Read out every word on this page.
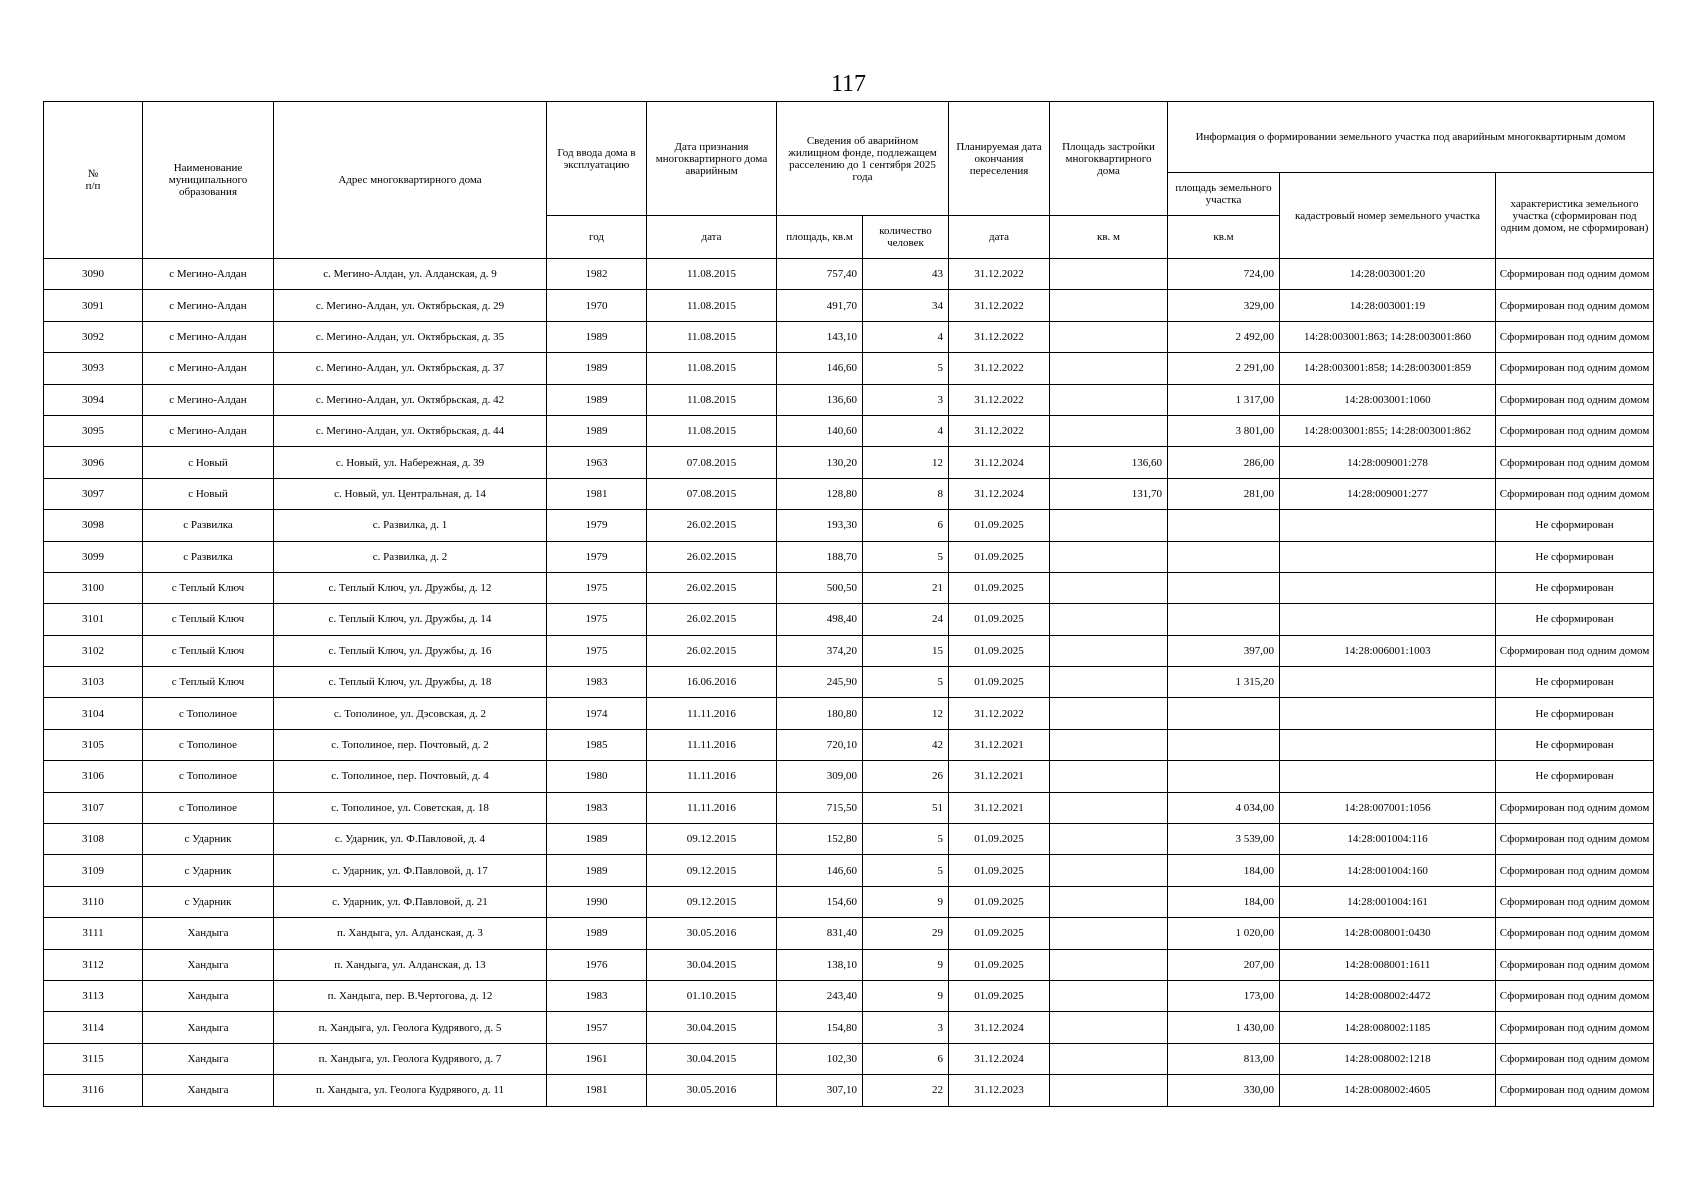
117
№
п/п	Наименование муниципального образования	Адрес многоквартирного дома	Год ввода дома в эксплуатацию	Дата признания многоквартирного дома аварийным	Сведения об аварийном жилищном фонде, подлежащем расселению до 1 сентября 2025 года		Планируемая дата окончания переселения	Площадь застройки многоквартирного дома	Информация о формировании земельного участка под аварийным многоквартирным домом		
									площадь земельного участка	кадастровый номер земельного участка	характеристика земельного участка (сформирован под одним домом, не сформирован)
			год	дата	площадь, кв.м	количество человек	дата	кв. м	кв.м		
3090	с Мегино-Алдан	с. Мегино-Алдан, ул. Алданская, д. 9	1982	11.08.2015	757,40	43	31.12.2022		724,00	14:28:003001:20	Сформирован под одним домом
3091	с Мегино-Алдан	с. Мегино-Алдан, ул. Октябрьская, д. 29	1970	11.08.2015	491,70	34	31.12.2022		329,00	14:28:003001:19	Сформирован под одним домом
3092	с Мегино-Алдан	с. Мегино-Алдан, ул. Октябрьская, д. 35	1989	11.08.2015	143,10	4	31.12.2022		2 492,00	14:28:003001:863; 14:28:003001:860	Сформирован под одним домом
3093	с Мегино-Алдан	с. Мегино-Алдан, ул. Октябрьская, д. 37	1989	11.08.2015	146,60	5	31.12.2022		2 291,00	14:28:003001:858; 14:28:003001:859	Сформирован под одним домом
3094	с Мегино-Алдан	с. Мегино-Алдан, ул. Октябрьская, д. 42	1989	11.08.2015	136,60	3	31.12.2022		1 317,00	14:28:003001:1060	Сформирован под одним домом
3095	с Мегино-Алдан	с. Мегино-Алдан, ул. Октябрьская, д. 44	1989	11.08.2015	140,60	4	31.12.2022		3 801,00	14:28:003001:855; 14:28:003001:862	Сформирован под одним домом
3096	с Новый	с. Новый, ул. Набережная, д. 39	1963	07.08.2015	130,20	12	31.12.2024	136,60	286,00	14:28:009001:278	Сформирован под одним домом
3097	с Новый	с. Новый, ул. Центральная, д. 14	1981	07.08.2015	128,80	8	31.12.2024	131,70	281,00	14:28:009001:277	Сформирован под одним домом
3098	с Развилка	с. Развилка, д. 1	1979	26.02.2015	193,30	6	01.09.2025				Не сформирован
3099	с Развилка	с. Развилка, д. 2	1979	26.02.2015	188,70	5	01.09.2025				Не сформирован
3100	с Теплый Ключ	с. Теплый Ключ, ул. Дружбы, д. 12	1975	26.02.2015	500,50	21	01.09.2025				Не сформирован
3101	с Теплый Ключ	с. Теплый Ключ, ул. Дружбы, д. 14	1975	26.02.2015	498,40	24	01.09.2025				Не сформирован
3102	с Теплый Ключ	с. Теплый Ключ, ул. Дружбы, д. 16	1975	26.02.2015	374,20	15	01.09.2025		397,00	14:28:006001:1003	Сформирован под одним домом
3103	с Теплый Ключ	с. Теплый Ключ, ул. Дружбы, д. 18	1983	16.06.2016	245,90	5	01.09.2025		1 315,20		Не сформирован
3104	с Тополиное	с. Тополиное, ул. Дэсовская, д. 2	1974	11.11.2016	180,80	12	31.12.2022				Не сформирован
3105	с Тополиное	с. Тополиное, пер. Почтовый, д. 2	1985	11.11.2016	720,10	42	31.12.2021				Не сформирован
3106	с Тополиное	с. Тополиное, пер. Почтовый, д. 4	1980	11.11.2016	309,00	26	31.12.2021				Не сформирован
3107	с Тополиное	с. Тополиное, ул. Советская, д. 18	1983	11.11.2016	715,50	51	31.12.2021		4 034,00	14:28:007001:1056	Сформирован под одним домом
3108	с Ударник	с. Ударник, ул. Ф.Павловой, д. 4	1989	09.12.2015	152,80	5	01.09.2025		3 539,00	14:28:001004:116	Сформирован под одним домом
3109	с Ударник	с. Ударник, ул. Ф.Павловой, д. 17	1989	09.12.2015	146,60	5	01.09.2025		184,00	14:28:001004:160	Сформирован под одним домом
3110	с Ударник	с. Ударник, ул. Ф.Павловой, д. 21	1990	09.12.2015	154,60	9	01.09.2025		184,00	14:28:001004:161	Сформирован под одним домом
3111	Хандыга	п. Хандыга, ул. Алданская, д. 3	1989	30.05.2016	831,40	29	01.09.2025		1 020,00	14:28:008001:0430	Сформирован под одним домом
3112	Хандыга	п. Хандыга, ул. Алданская, д. 13	1976	30.04.2015	138,10	9	01.09.2025		207,00	14:28:008001:1611	Сформирован под одним домом
3113	Хандыга	п. Хандыга, пер. В.Чертогова, д. 12	1983	01.10.2015	243,40	9	01.09.2025		173,00	14:28:008002:4472	Сформирован под одним домом
3114	Хандыга	п. Хандыга, ул. Геолога Кудрявого, д. 5	1957	30.04.2015	154,80	3	31.12.2024		1 430,00	14:28:008002:1185	Сформирован под одним домом
3115	Хандыга	п. Хандыга, ул. Геолога Кудрявого, д. 7	1961	30.04.2015	102,30	6	31.12.2024		813,00	14:28:008002:1218	Сформирован под одним домом
3116	Хандыга	п. Хандыга, ул. Геолога Кудрявого, д. 11	1981	30.05.2016	307,10	22	31.12.2023		330,00	14:28:008002:4605	Сформирован под одним домом
